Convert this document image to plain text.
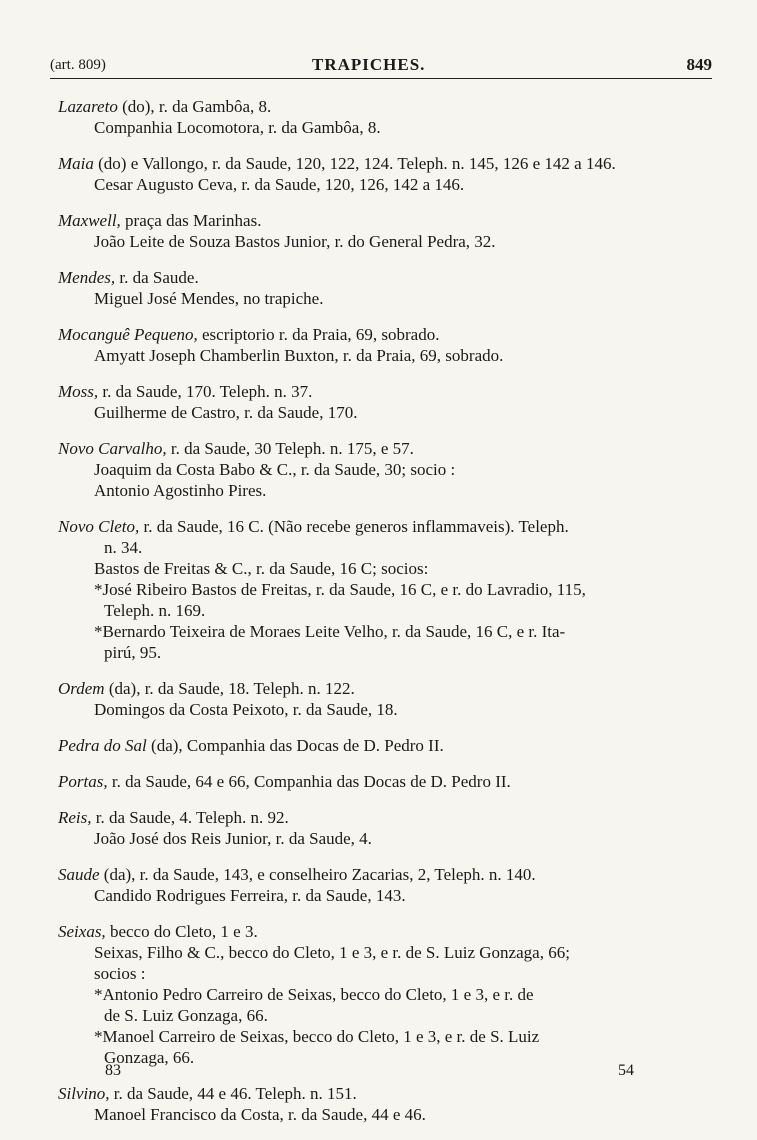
(art. 809)	TRAPICHES.	849
Lazareto (do), r. da Gambôa, 8.
Companhia Locomotora, r. da Gambôa, 8.
Maia (do) e Vallongo, r. da Saude, 120, 122, 124. Teleph. n. 145, 126 e 142 a 146.
Cesar Augusto Ceva, r. da Saude, 120, 126, 142 a 146.
Maxwell, praça das Marinhas.
João Leite de Souza Bastos Junior, r. do General Pedra, 32.
Mendes, r. da Saude.
Miguel José Mendes, no trapiche.
Mocanguê Pequeno, escriptorio r. da Praia, 69, sobrado.
Amyatt Joseph Chamberlin Buxton, r. da Praia, 69, sobrado.
Moss, r. da Saude, 170. Teleph. n. 37.
Guilherme de Castro, r. da Saude, 170.
Novo Carvalho, r. da Saude, 30 Teleph. n. 175, e 57.
Joaquim da Costa Babo & C., r. da Saude, 30; socio :
Antonio Agostinho Pires.
Novo Cleto, r. da Saude, 16 C. (Não recebe generos inflammaveis). Teleph.
n. 34.
Bastos de Freitas & C., r. da Saude, 16 C; socios:
*José Ribeiro Bastos de Freitas, r. da Saude, 16 C, e r. do Lavradio, 115,
Teleph. n. 169.
*Bernardo Teixeira de Moraes Leite Velho, r. da Saude, 16 C, e r. Ita-
pirú, 95.
Ordem (da), r. da Saude, 18. Teleph. n. 122.
Domingos da Costa Peixoto, r. da Saude, 18.
Pedra do Sal (da), Companhia das Docas de D. Pedro II.
Portas, r. da Saude, 64 e 66, Companhia das Docas de D. Pedro II.
Reis, r. da Saude, 4. Teleph. n. 92.
João José dos Reis Junior, r. da Saude, 4.
Saude (da), r. da Saude, 143, e conselheiro Zacarias, 2, Teleph. n. 140.
Candido Rodrigues Ferreira, r. da Saude, 143.
Seixas, becco do Cleto, 1 e 3.
Seixas, Filho & C., becco do Cleto, 1 e 3, e r. de S. Luiz Gonzaga, 66;
socios :
*Antonio Pedro Carreiro de Seixas, becco do Cleto, 1 e 3, e r. de
de S. Luiz Gonzaga, 66.
*Manoel Carreiro de Seixas, becco do Cleto, 1 e 3, e r. de S. Luiz
Gonzaga, 66.
Silvino, r. da Saude, 44 e 46. Teleph. n. 151.
Manoel Francisco da Costa, r. da Saude, 44 e 46.
83	54
